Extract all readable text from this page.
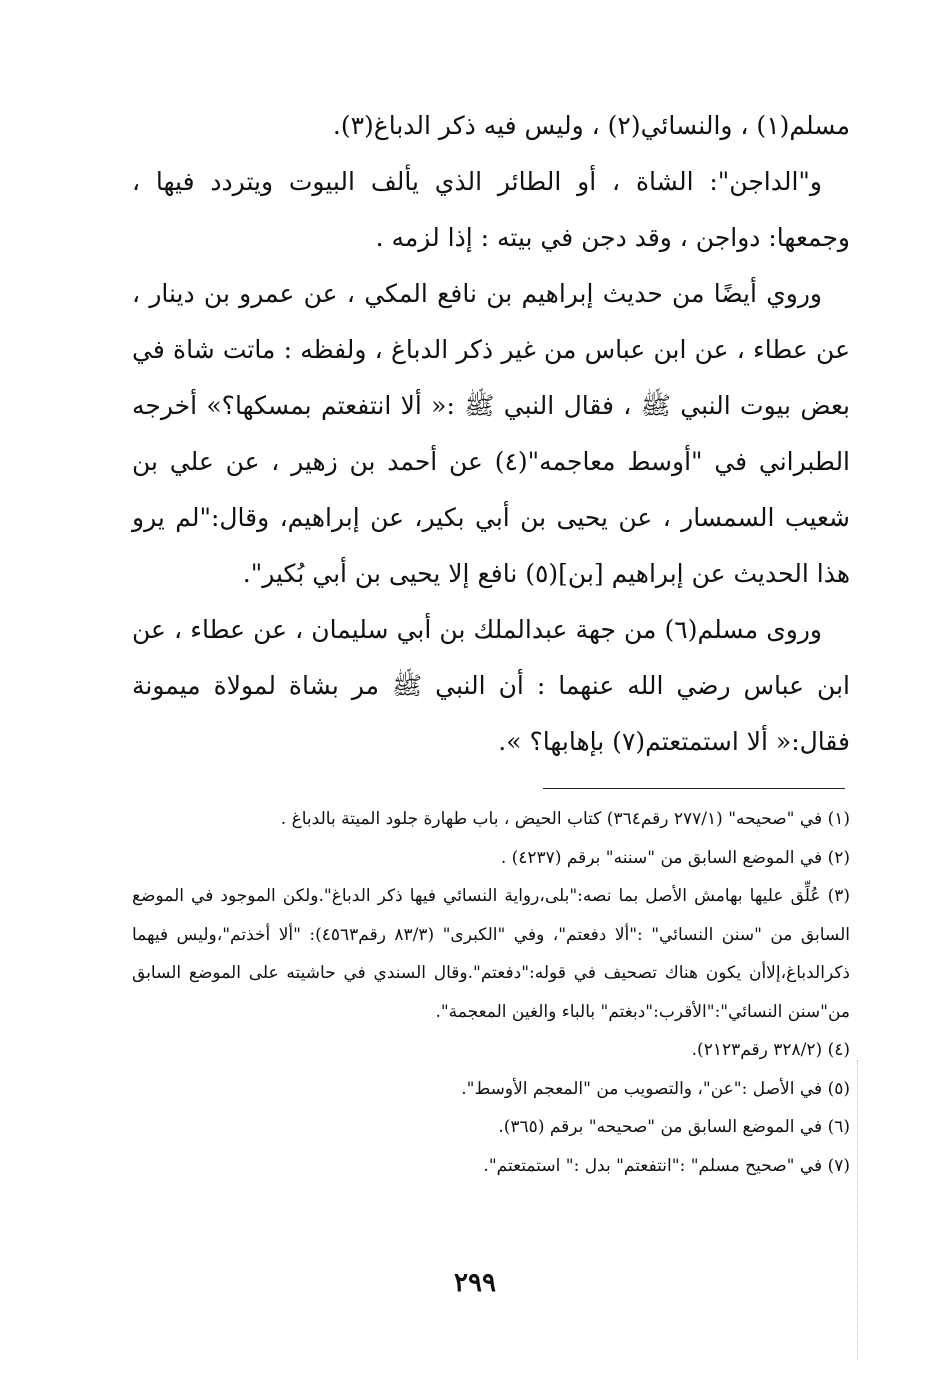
مسلم(١) ، والنسائي(٢) ، وليس فيه ذكر الدباغ(٣).

و"الداجن": الشاة ، أو الطائر الذي يألف البيوت ويتردد فيها ، وجمعها: دواجن ، وقد دجن في بيته : إذا لزمه .

وروي أيضًا من حديث إبراهيم بن نافع المكي ، عن عمرو بن دينار ، عن عطاء ، عن ابن عباس من غير ذكر الدباغ ، ولفظه : ماتت شاة في بعض بيوت النبي ﷺ ، فقال النبي ﷺ :« ألا انتفعتم بمسكها؟» أخرجه الطبراني في "أوسط معاجمه"(٤) عن أحمد بن زهير ، عن علي بن شعيب السمسار ، عن يحيى بن أبي بكير، عن إبراهيم، وقال:"لم يرو هذا الحديث عن إبراهيم [بن](٥) نافع إلا يحيى بن أبي بُكير".

وروى مسلم(٦) من جهة عبدالملك بن أبي سليمان ، عن عطاء ، عن ابن عباس رضي الله عنهما : أن النبي ﷺ مر بشاة لمولاة ميمونة فقال:« ألا استمتعتم(٧) بإهابها؟ ».

(١) في "صحيحه" (٢٧٧/١ رقم٣٦٤) كتاب الحيض ، باب طهارة جلود الميتة بالدباغ .

(٢) في الموضع السابق من "سننه" برقم (٤٢٣٧) .

(٣) عُلِّق عليها بهامش الأصل بما نصه:"بلى،رواية النسائي فيها ذكر الدباغ".ولكن الموجود في الموضع السابق من "سنن النسائي" :"ألا دفعتم"، وفي "الكبرى" (٨٣/٣ رقم٤٥٦٣): "ألا أخذتم"،وليس فيهما ذكرالدباغ،إلاأن يكون هناك تصحيف في قوله:"دفعتم".وقال السندي في حاشيته على الموضع السابق من"سنن النسائي":"الأقرب:"دبغتم" بالباء والغين المعجمة".

(٤) (٣٢٨/٢ رقم٢١٢٣).

(٥) في الأصل :"عن"، والتصويب من "المعجم الأوسط".

(٦) في الموضع السابق من "صحيحه" برقم (٣٦٥).

(٧) في "صحيح مسلم" :"انتفعتم" بدل :" استمتعتم".

٢٩٩
